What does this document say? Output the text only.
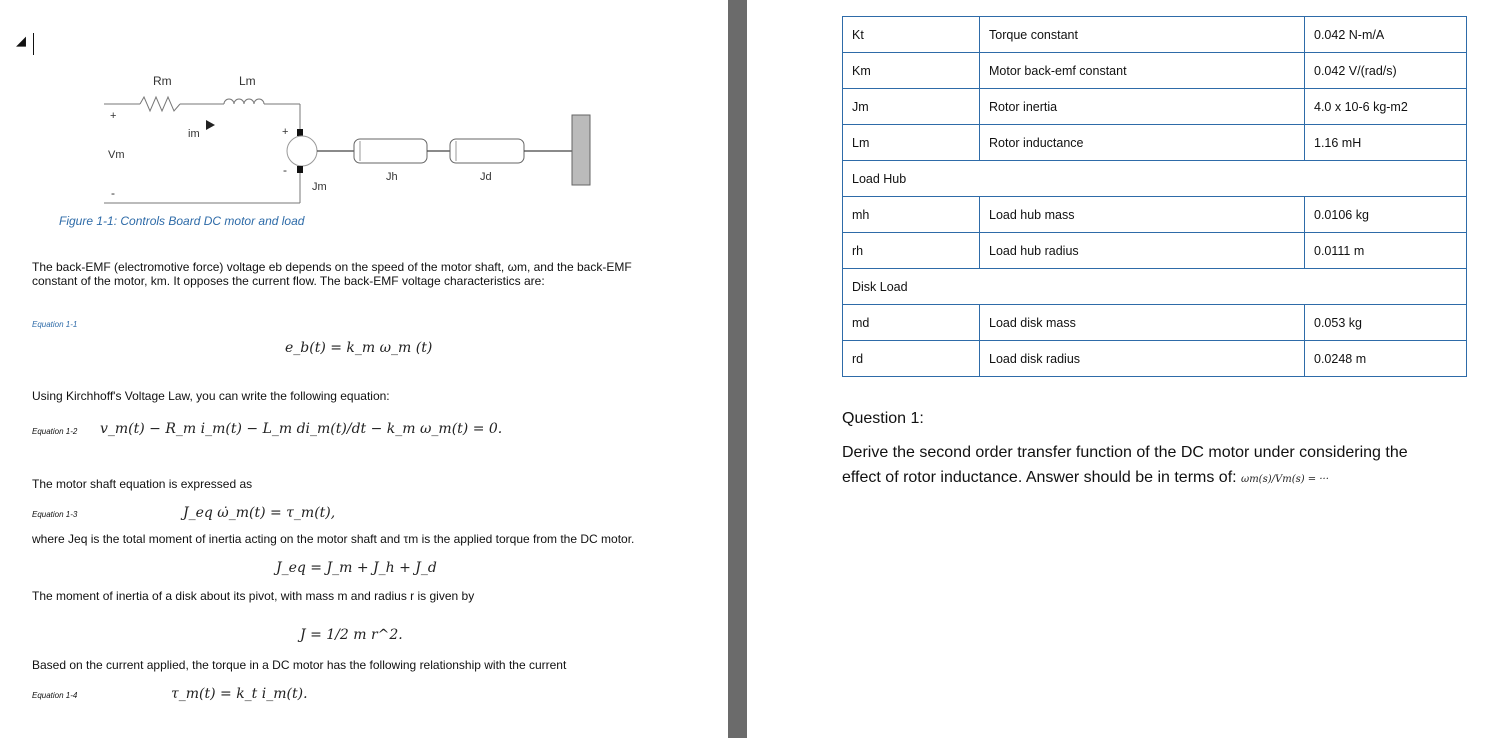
◢
Rm	Lm
im
Vm
+
-
+
-
Jm
Jh	Jd
Figure 1-1: Controls Board DC motor and load
The back-EMF (electromotive force) voltage eb depends on the speed of the motor shaft, ωm, and the back-EMF
constant of the motor, km. It opposes the current flow. The back-EMF voltage characteristics are:
Equation 1-1
e_b(t) = k_m ω_m (t)
Using Kirchhoff's Voltage Law, you can write the following equation:
Equation 1-2 v_m(t) − R_m i_m(t) − L_m di_m(t)/dt − k_m ω_m(t) = 0.
The motor shaft equation is expressed as
Equation 1-3	J_eq ω̇_m(t) = τ_m(t),
where Jeq is the total moment of inertia acting on the motor shaft and τm is the applied torque from the DC motor.
J_eq = J_m + J_h + J_d
The moment of inertia of a disk about its pivot, with mass m and radius r is given by
J = 1/2 m r^2.
Based on the current applied, the torque in a DC motor has the following relationship with the current
Equation 1-4	τ_m(t) = k_t i_m(t).
Kt	Torque constant	0.042 N-m/A
Km	Motor back-emf constant	0.042 V/(rad/s)
Jm	Rotor inertia	4.0 x 10-6 kg-m2
Lm	Rotor inductance	1.16 mH
Load Hub		
mh	Load hub mass	0.0106 kg
rh	Load hub radius	0.0111 m
Disk Load		
md	Load disk mass	0.053 kg
rd	Load disk radius	0.0248 m
Question 1:
Derive the second order transfer function of the DC motor under considering the effect of rotor inductance. Answer should be in terms of: ωm(s)/Vm(s) = ···
